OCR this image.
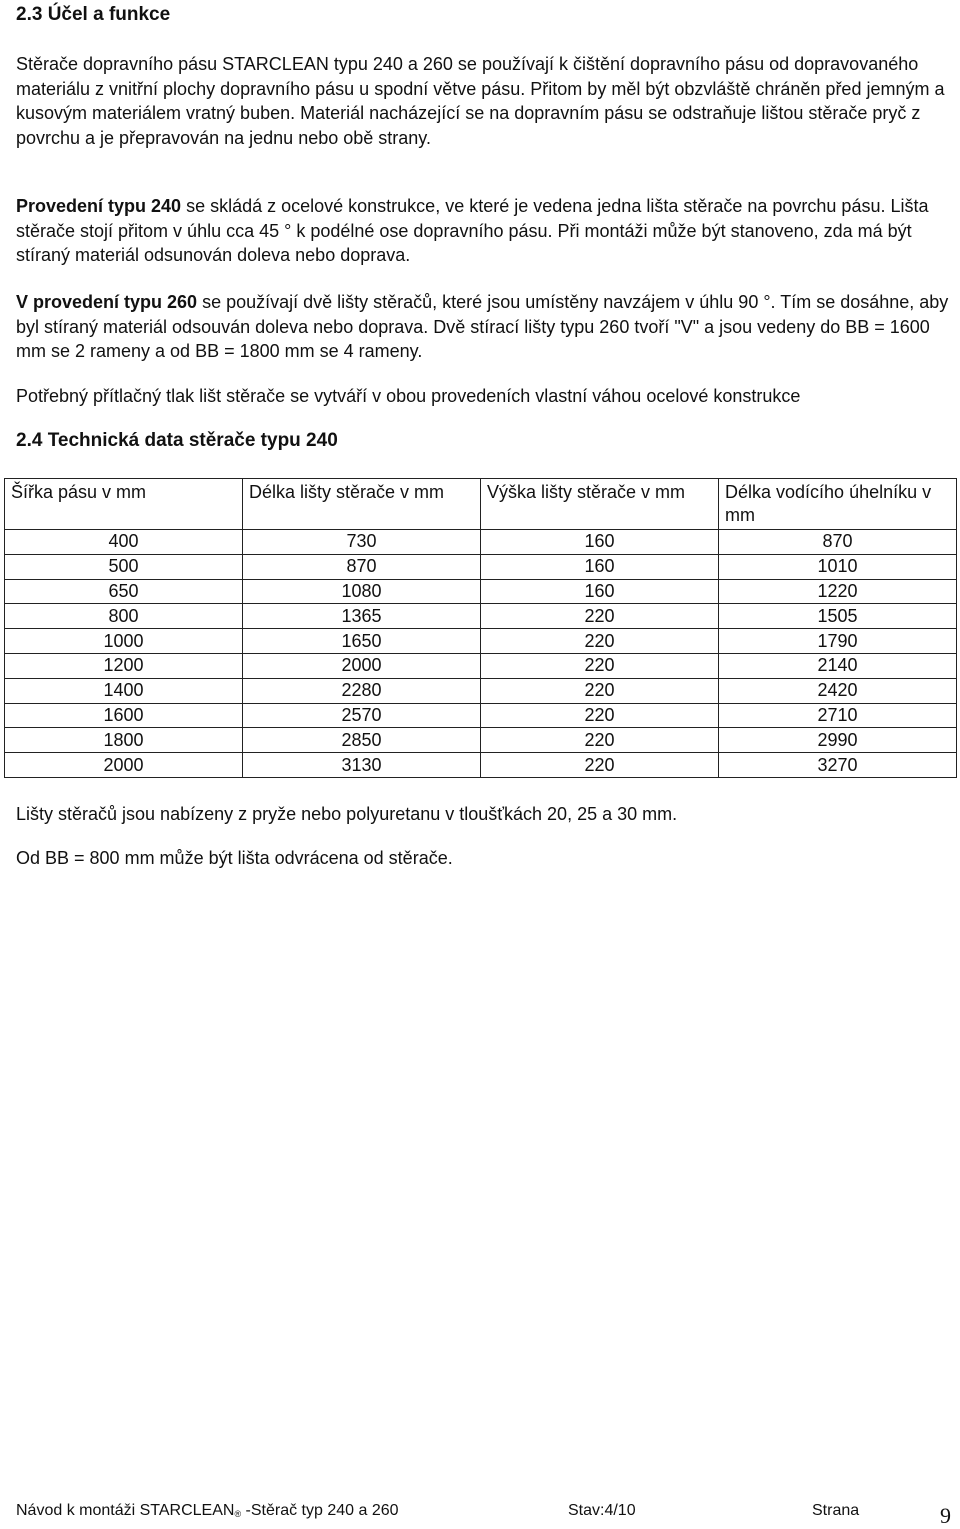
2.3 Účel a funkce

Stěrače dopravního pásu STARCLEAN typu 240 a 260 se používají k čištění dopravního pásu od dopravovaného materiálu z vnitřní plochy dopravního pásu u spodní větve pásu. Přitom by měl být obzvláště chráněn před jemným a kusovým materiálem vratný buben. Materiál nacházející se na dopravním pásu se odstraňuje lištou stěrače pryč z povrchu a je přepravován na jednu nebo obě strany.

Provedení typu 240 se skládá z ocelové konstrukce, ve které je vedena jedna lišta stěrače na povrchu pásu. Lišta stěrače stojí přitom v úhlu cca 45 ° k podélné ose dopravního pásu. Při montáži může být stanoveno, zda má být stíraný materiál odsunován doleva nebo doprava.

V provedení typu 260 se používají dvě lišty stěračů, které jsou umístěny navzájem v úhlu 90 °. Tím se dosáhne, aby byl stíraný materiál odsouván doleva nebo doprava. Dvě stírací lišty typu 260 tvoří "V" a jsou vedeny do BB = 1600 mm se 2 rameny a od BB = 1800 mm se 4 rameny.

Potřebný přítlačný tlak lišt stěrače se vytváří v obou provedeních vlastní váhou ocelové konstrukce

2.4 Technická data stěrače typu 240
Šířka pásu v mm	Délka lišty stěrače v mm	Výška lišty stěrače v mm	Délka vodícího úhelníku v mm
400	730	160	870
500	870	160	1010
650	1080	160	1220
800	1365	220	1505
1000	1650	220	1790
1200	2000	220	2140
1400	2280	220	2420
1600	2570	220	2710
1800	2850	220	2990
2000	3130	220	3270

Lišty stěračů jsou nabízeny z pryže nebo polyuretanu v tloušťkách 20, 25 a 30 mm.

Od BB = 800 mm může být lišta odvrácena od stěrače.

Návod k montáži STARCLEAN® -Stěrač typ 240 a 260	Stav:4/10	Strana	9
